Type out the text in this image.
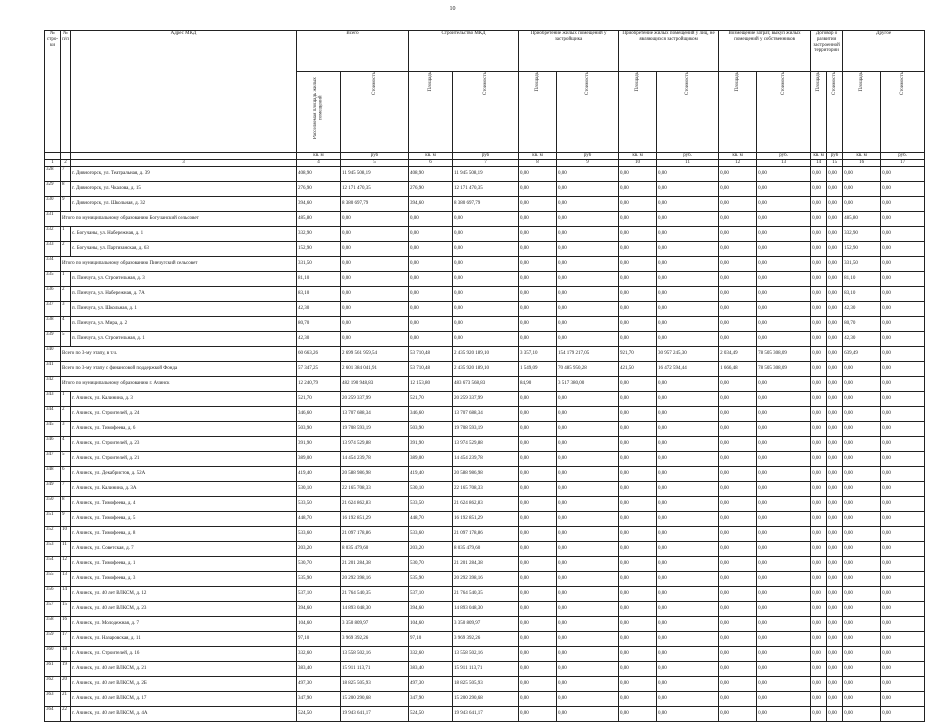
10
№ стро- ки	№ п/п	Адрес МКД	Всего		Строительство МКД		Приобретение жилых помещений у застройщика		Приобретение жилых помещений у лиц, не являющихся застройщиком		Возмещение затрат, выкуп жилых помещений у собственников		Договор о развитии застроенной территории		Другое	
			Расселяемая площадь жилых помещений	Стоимость	Площадь	Стоимость	Площадь	Стоимость	Площадь	Стоимость	Площадь	Стоимость	Площадь	Стоимость	Площадь	Стоимость
			кв. м	руб	кв. м	руб	кв. м	руб	кв. м	руб.	кв. м	руб.	кв. м	руб	кв. м	руб.
1	2	3	4	5	6	7	8	9	10	11	12	13	14	15	16	17
328	7	г. Дивногорск, ул. Театральная, д. 39	408,90	11 945 508,19	408,90	11 945 508,19	0,00	0,00	0,00	0,00	0,00	0,00	0,00	0,00	0,00	0,00
329	8	г. Дивногорск, ул. Чкалова, д. 15	276,90	12 171 470,35	276,90	12 171 470,35	0,00	0,00	0,00	0,00	0,00	0,00	0,00	0,00	0,00	0,00
330	9	г. Дивногорск, ул. Школьная, д. 32	394,60	8 380 697,79	394,60	8 380 697,79	0,00	0,00	0,00	0,00	0,00	0,00	0,00	0,00	0,00	0,00
331	Итого по муниципальному образованию Богучанский сельсовет		485,80	0,00	0,00	0,00	0,00	0,00	0,00	0,00	0,00	0,00	0,00	0,00	485,80	0,00
332	1	с. Богучаны, ул. Набережная, д. 1	332,90	0,00	0,00	0,00	0,00	0,00	0,00	0,00	0,00	0,00	0,00	0,00	332,90	0,00
333	2	с. Богучаны, ул. Партизанская, д. 63	152,90	0,00	0,00	0,00	0,00	0,00	0,00	0,00	0,00	0,00	0,00	0,00	152,90	0,00
334	Итого по муниципальному образованию Пинчугский сельсовет		331,50	0,00	0,00	0,00	0,00	0,00	0,00	0,00	0,00	0,00	0,00	0,00	331,50	0,00
335	1	п. Пинчуга, ул. Строительная, д. 3	81,10	0,00	0,00	0,00	0,00	0,00	0,00	0,00	0,00	0,00	0,00	0,00	81,10	0,00
336	2	п. Пинчуга, ул. Набережная, д. 7А	83,10	0,00	0,00	0,00	0,00	0,00	0,00	0,00	0,00	0,00	0,00	0,00	83,10	0,00
337	3	п. Пинчуга, ул. Школьная, д. 1	42,30	0,00	0,00	0,00	0,00	0,00	0,00	0,00	0,00	0,00	0,00	0,00	42,30	0,00
338	4	п. Пинчуга, ул. Мира, д. 2	80,70	0,00	0,00	0,00	0,00	0,00	0,00	0,00	0,00	0,00	0,00	0,00	80,70	0,00
339	5	п. Пинчуга, ул. Строительная, д. 1	42,30	0,00	0,00	0,00	0,00	0,00	0,00	0,00	0,00	0,00	0,00	0,00	42,30	0,00
340	Всего по 3-му этапу, в т.ч.		60 663,26	2 699 561 959,54	53 710,48	2 435 920 189,10	3 357,10	154 179 217,05	921,70	30 957 245,30	2 034,49	78 505 308,09	0,00	0,00	639,49	0,00
341	Всего по 3-му этапу с финансовой поддержкой Фонда		57 347,25	2 601 384 041,91	53 710,48	2 435 920 189,10	1 549,09	70 485 950,28	421,50	16 472 594,44	1 666,48	78 505 308,09	0,00	0,00	0,00	0,00
342	Итого по муниципальному образованию г. Ачинск		12 240,79	482 190 948,83	12 153,80	483 673 568,83	84,90	3 517 380,00	0,00	0,00	0,00	0,00	0,00	0,00	0,00	0,00
343	1	г. Ачинск, ул. Калинина, д. 3	521,70	20 259 337,99	521,70	20 259 337,99	0,00	0,00	0,00	0,00	0,00	0,00	0,00	0,00	0,00	0,00
344	2	г. Ачинск, ул. Строителей, д. 24	346,60	13 707 688,34	346,60	13 707 688,34	0,00	0,00	0,00	0,00	0,00	0,00	0,00	0,00	0,00	0,00
345	3	г. Ачинск, ул. Тимофеева, д. 6	503,90	19 708 593,19	503,90	19 708 593,19	0,00	0,00	0,00	0,00	0,00	0,00	0,00	0,00	0,00	0,00
346	4	г. Ачинск, ул. Строителей, д. 23	391,90	13 974 529,88	391,90	13 974 529,88	0,00	0,00	0,00	0,00	0,00	0,00	0,00	0,00	0,00	0,00
347	5	г. Ачинск, ул. Строителей, д. 21	389,00	14 454 239,78	389,00	14 454 239,78	0,00	0,00	0,00	0,00	0,00	0,00	0,00	0,00	0,00	0,00
348	6	г. Ачинск, ул. Декабристов, д. 52А	419,40	20 588 986,98	419,40	20 588 986,98	0,00	0,00	0,00	0,00	0,00	0,00	0,00	0,00	0,00	0,00
349	7	г. Ачинск, ул. Калинина, д. 3А	530,10	22 165 708,33	530,10	22 165 708,33	0,00	0,00	0,00	0,00	0,00	0,00	0,00	0,00	0,00	0,00
350	8	г. Ачинск, ул. Тимофеева, д. 4	533,50	21 624 862,83	533,50	21 624 862,83	0,00	0,00	0,00	0,00	0,00	0,00	0,00	0,00	0,00	0,00
351	9	г. Ачинск, ул. Тимофеева, д. 5	448,70	16 192 851,29	448,70	16 192 851,29	0,00	0,00	0,00	0,00	0,00	0,00	0,00	0,00	0,00	0,00
352	10	г. Ачинск, ул. Тимофеева, д. 8	533,60	21 097 178,86	533,60	21 097 178,86	0,00	0,00	0,00	0,00	0,00	0,00	0,00	0,00	0,00	0,00
353	11	г. Ачинск, ул. Советская, д. 7	203,20	8 035 479,60	203,20	8 035 479,60	0,00	0,00	0,00	0,00	0,00	0,00	0,00	0,00	0,00	0,00
354	12	г. Ачинск, ул. Тимофеева, д. 1	530,70	21 201 284,38	530,70	21 201 284,38	0,00	0,00	0,00	0,00	0,00	0,00	0,00	0,00	0,00	0,00
355	13	г. Ачинск, ул. Тимофеева, д. 3	535,90	20 292 398,16	535,90	20 292 398,16	0,00	0,00	0,00	0,00	0,00	0,00	0,00	0,00	0,00	0,00
356	14	г. Ачинск, ул. 40 лет ВЛКСМ, д. 12	537,10	21 764 540,35	537,10	21 764 540,35	0,00	0,00	0,00	0,00	0,00	0,00	0,00	0,00	0,00	0,00
357	15	г. Ачинск, ул. 40 лет ВЛКСМ, д. 23	394,60	14 893 048,30	394,60	14 893 048,30	0,00	0,00	0,00	0,00	0,00	0,00	0,00	0,00	0,00	0,00
358	16	г. Ачинск, ул. Молодежная, д. 7	104,60	3 350 809,97	104,60	3 350 809,97	0,00	0,00	0,00	0,00	0,00	0,00	0,00	0,00	0,00	0,00
359	17	г. Ачинск, ул. Назаровская, д. 11	97,10	3 969 392,26	97,10	3 969 392,26	0,00	0,00	0,00	0,00	0,00	0,00	0,00	0,00	0,00	0,00
360	18	г. Ачинск, ул. Строителей, д. 16	332,60	13 558 502,16	332,60	13 558 502,16	0,00	0,00	0,00	0,00	0,00	0,00	0,00	0,00	0,00	0,00
361	19	г. Ачинск, ул. 40 лет ВЛКСМ, д. 21	383,40	15 911 113,71	383,40	15 911 113,71	0,00	0,00	0,00	0,00	0,00	0,00	0,00	0,00	0,00	0,00
362	20	г. Ачинск, ул. 40 лет ВЛКСМ, д. 2Б	497,30	18 825 505,93	497,30	18 825 505,93	0,00	0,00	0,00	0,00	0,00	0,00	0,00	0,00	0,00	0,00
363	21	г. Ачинск, ул. 40 лет ВЛКСМ, д. 17	347,90	15 200 290,68	347,90	15 200 290,68	0,00	0,00	0,00	0,00	0,00	0,00	0,00	0,00	0,00	0,00
364	22	г. Ачинск, ул. 40 лет ВЛКСМ, д. 4А	524,50	19 943 641,17	524,50	19 943 641,17	0,00	0,00	0,00	0,00	0,00	0,00	0,00	0,00	0,00	0,00
